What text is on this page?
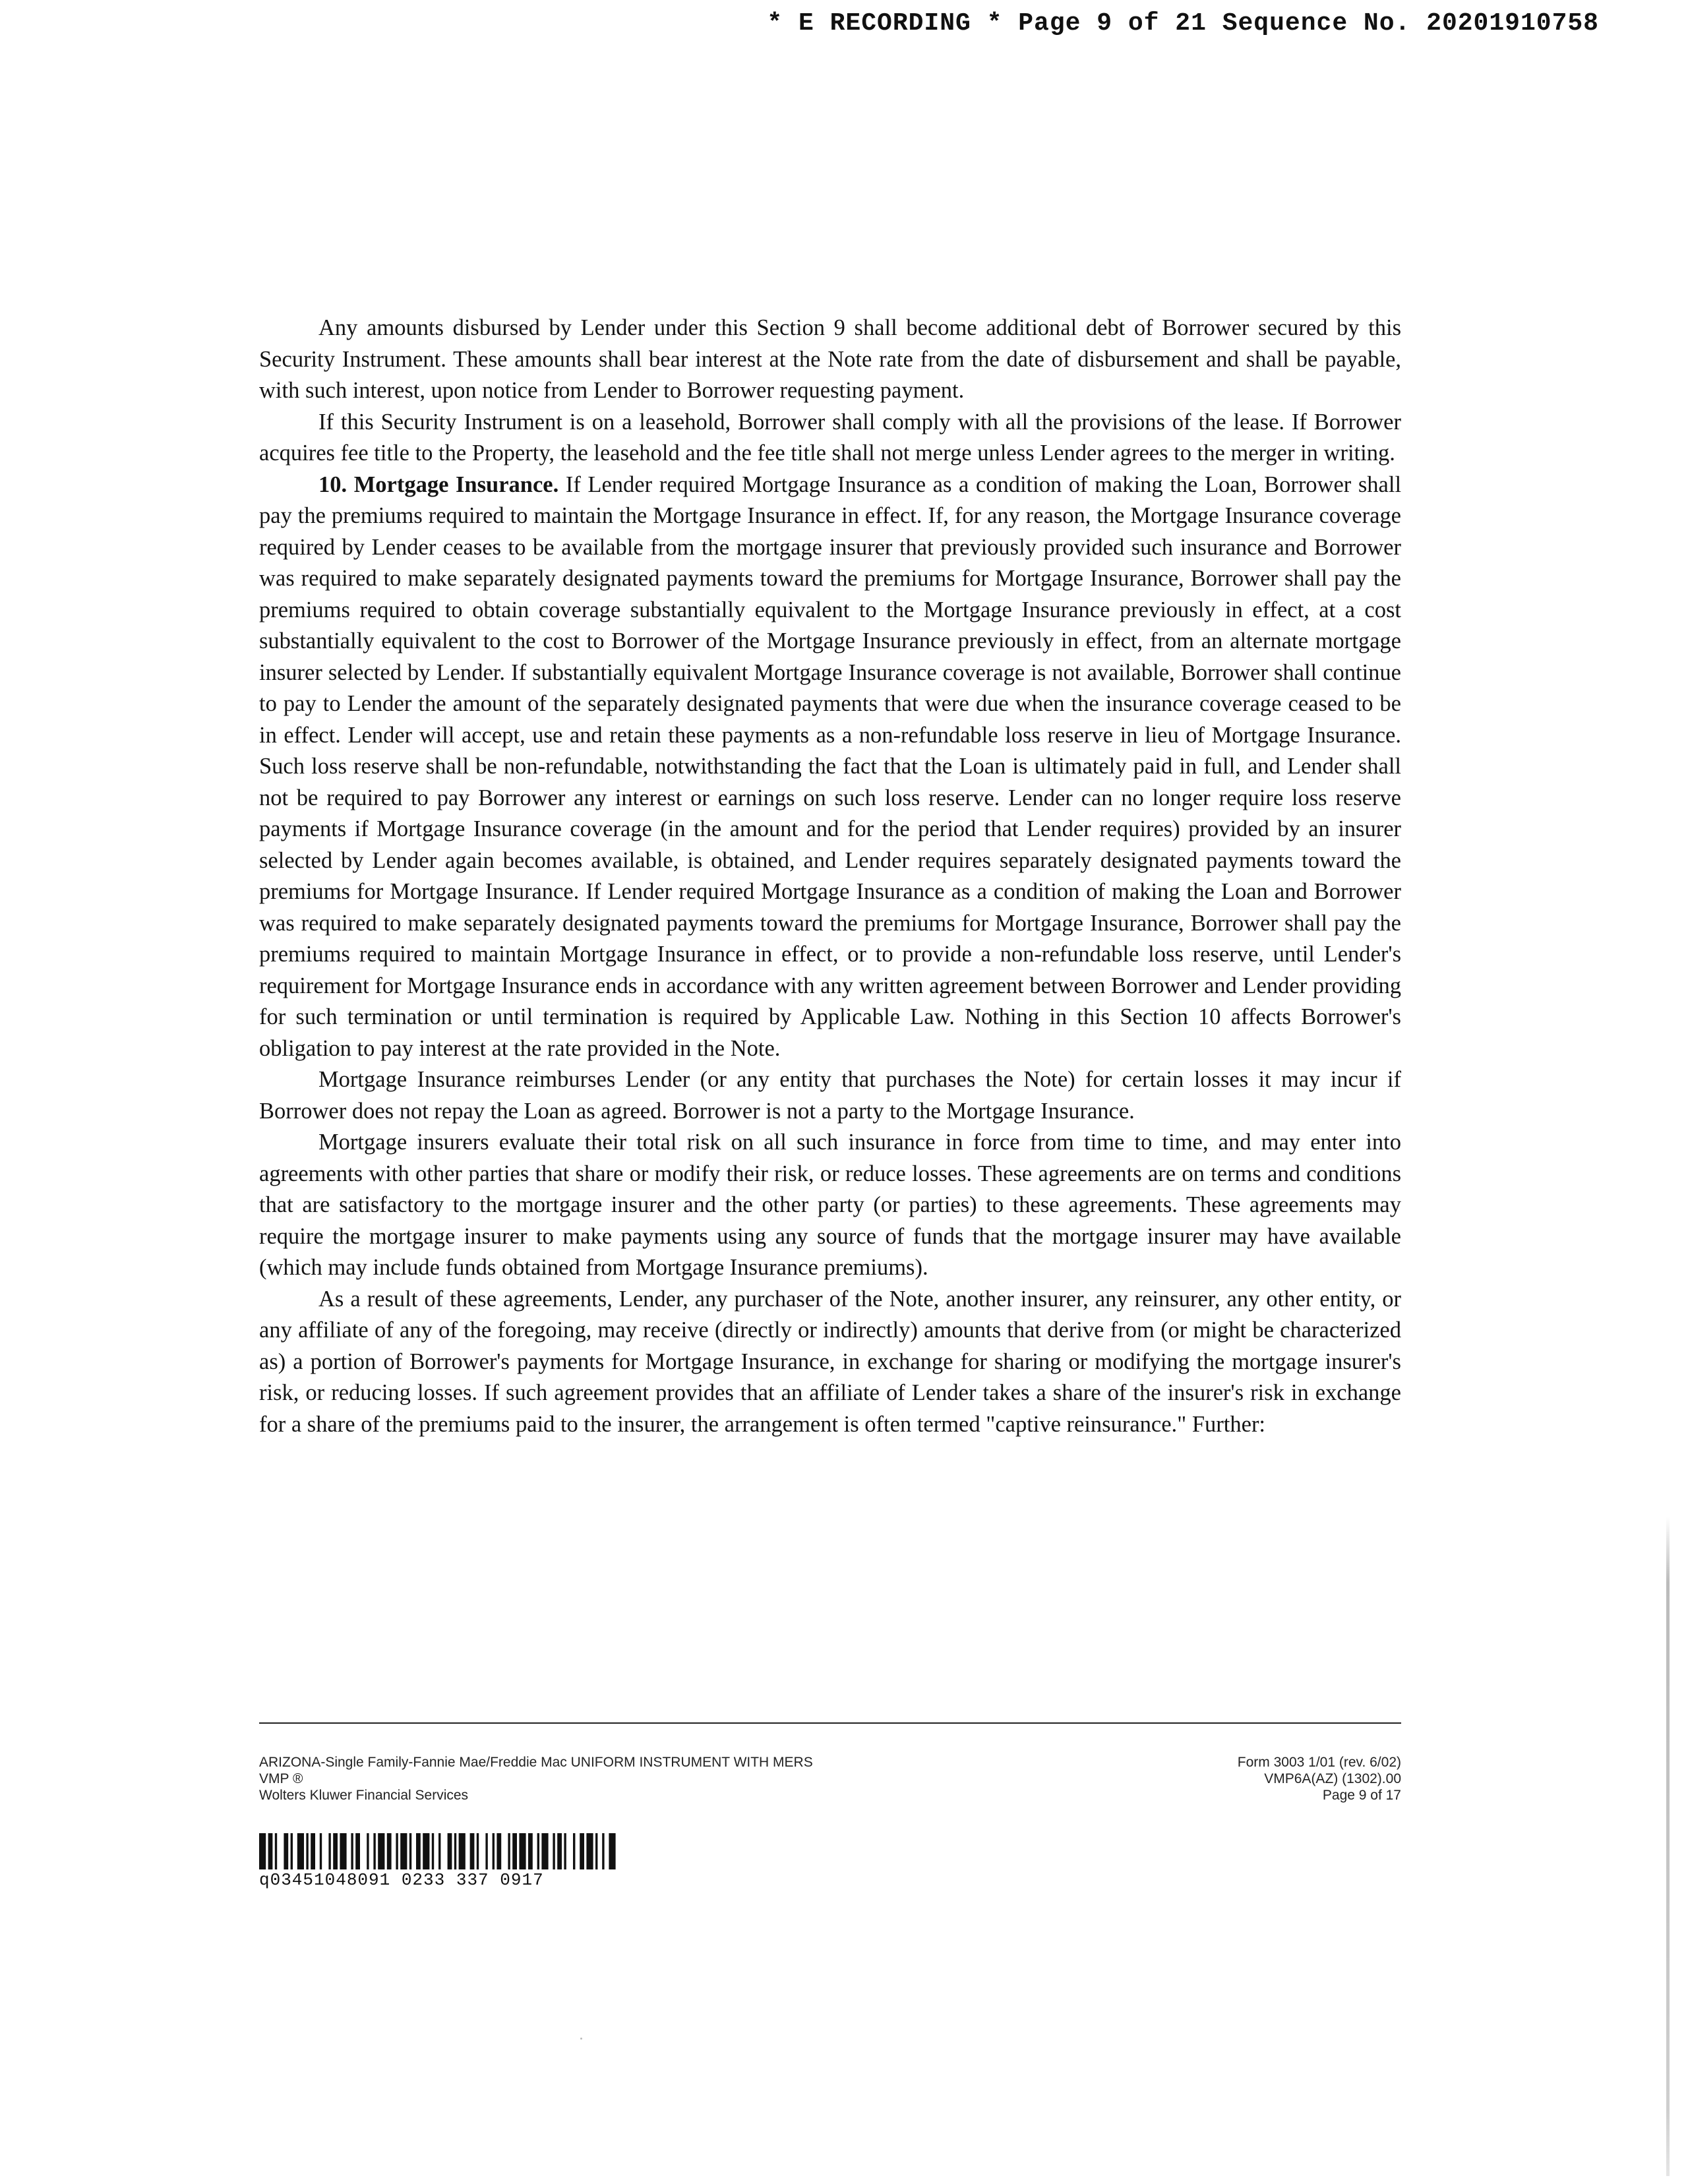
* E RECORDING * Page 9 of 21 Sequence No. 20201910758

Any amounts disbursed by Lender under this Section 9 shall become additional debt of Borrower secured by this Security Instrument. These amounts shall bear interest at the Note rate from the date of disbursement and shall be payable, with such interest, upon notice from Lender to Borrower requesting payment.

If this Security Instrument is on a leasehold, Borrower shall comply with all the provisions of the lease. If Borrower acquires fee title to the Property, the leasehold and the fee title shall not merge unless Lender agrees to the merger in writing.

10. Mortgage Insurance. If Lender required Mortgage Insurance as a condition of making the Loan, Borrower shall pay the premiums required to maintain the Mortgage Insurance in effect. If, for any reason, the Mortgage Insurance coverage required by Lender ceases to be available from the mortgage insurer that previously provided such insurance and Borrower was required to make separately designated payments toward the premiums for Mortgage Insurance, Borrower shall pay the premiums required to obtain coverage substantially equivalent to the Mortgage Insurance previously in effect, at a cost substantially equivalent to the cost to Borrower of the Mortgage Insurance previously in effect, from an alternate mortgage insurer selected by Lender. If substantially equivalent Mortgage Insurance coverage is not available, Borrower shall continue to pay to Lender the amount of the separately designated payments that were due when the insurance coverage ceased to be in effect. Lender will accept, use and retain these payments as a non-refundable loss reserve in lieu of Mortgage Insurance. Such loss reserve shall be non-refundable, notwithstanding the fact that the Loan is ultimately paid in full, and Lender shall not be required to pay Borrower any interest or earnings on such loss reserve. Lender can no longer require loss reserve payments if Mortgage Insurance coverage (in the amount and for the period that Lender requires) provided by an insurer selected by Lender again becomes available, is obtained, and Lender requires separately designated payments toward the premiums for Mortgage Insurance. If Lender required Mortgage Insurance as a condition of making the Loan and Borrower was required to make separately designated payments toward the premiums for Mortgage Insurance, Borrower shall pay the premiums required to maintain Mortgage Insurance in effect, or to provide a non-refundable loss reserve, until Lender's requirement for Mortgage Insurance ends in accordance with any written agreement between Borrower and Lender providing for such termination or until termination is required by Applicable Law. Nothing in this Section 10 affects Borrower's obligation to pay interest at the rate provided in the Note.

Mortgage Insurance reimburses Lender (or any entity that purchases the Note) for certain losses it may incur if Borrower does not repay the Loan as agreed. Borrower is not a party to the Mortgage Insurance.

Mortgage insurers evaluate their total risk on all such insurance in force from time to time, and may enter into agreements with other parties that share or modify their risk, or reduce losses. These agreements are on terms and conditions that are satisfactory to the mortgage insurer and the other party (or parties) to these agreements. These agreements may require the mortgage insurer to make payments using any source of funds that the mortgage insurer may have available (which may include funds obtained from Mortgage Insurance premiums).

As a result of these agreements, Lender, any purchaser of the Note, another insurer, any reinsurer, any other entity, or any affiliate of any of the foregoing, may receive (directly or indirectly) amounts that derive from (or might be characterized as) a portion of Borrower's payments for Mortgage Insurance, in exchange for sharing or modifying the mortgage insurer's risk, or reducing losses. If such agreement provides that an affiliate of Lender takes a share of the insurer's risk in exchange for a share of the premiums paid to the insurer, the arrangement is often termed "captive reinsurance." Further:

ARIZONA-Single Family-Fannie Mae/Freddie Mac UNIFORM INSTRUMENT WITH MERS
VMP ®
Wolters Kluwer Financial Services
Form 3003 1/01 (rev. 6/02)
VMP6A(AZ) (1302).00
Page 9 of 17
q03451048091 0233 337 0917
